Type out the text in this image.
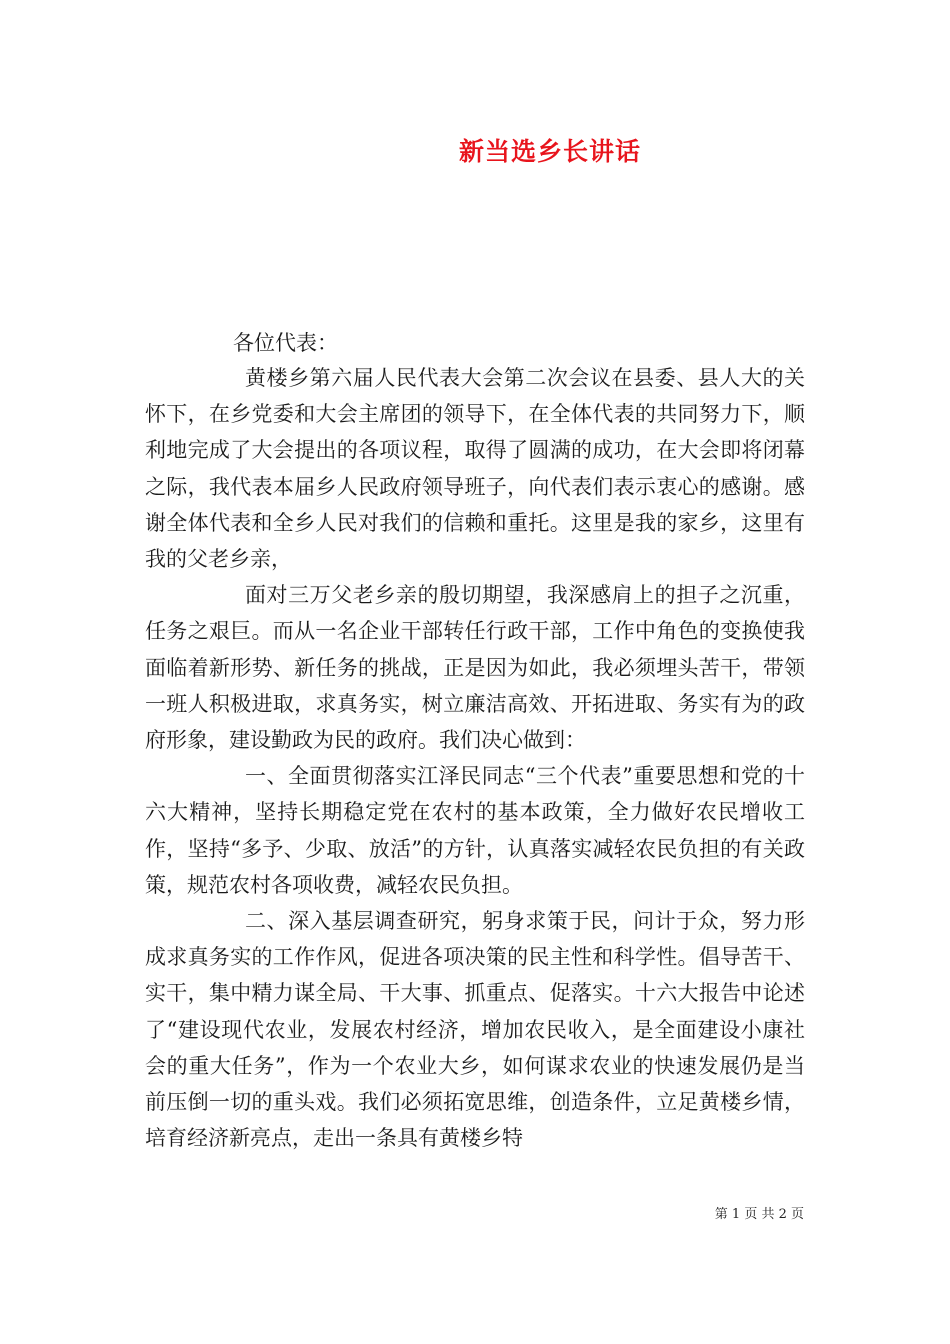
新当选乡长讲话
各位代表：

黄楼乡第六届人民代表大会第二次会议在县委、县人大的关怀下，在乡党委和大会主席团的领导下，在全体代表的共同努力下，顺利地完成了大会提出的各项议程，取得了圆满的成功，在大会即将闭幕之际，我代表本届乡人民政府领导班子，向代表们表示衷心的感谢。感谢全体代表和全乡人民对我们的信赖和重托。这里是我的家乡，这里有我的父老乡亲，

面对三万父老乡亲的殷切期望，我深感肩上的担子之沉重，任务之艰巨。而从一名企业干部转任行政干部，工作中角色的变换使我面临着新形势、新任务的挑战，正是因为如此，我必须埋头苦干，带领一班人积极进取，求真务实，树立廉洁高效、开拓进取、务实有为的政府形象，建设勤政为民的政府。我们决心做到：

一、全面贯彻落实江泽民同志“三个代表”重要思想和党的十六大精神，坚持长期稳定党在农村的基本政策，全力做好农民增收工作，坚持“多予、少取、放活”的方针，认真落实减轻农民负担的有关政策，规范农村各项收费，减轻农民负担。

二、深入基层调查研究，躬身求策于民，问计于众，努力形成求真务实的工作作风，促进各项决策的民主性和科学性。倡导苦干、实干，集中精力谋全局、干大事、抓重点、促落实。十六大报告中论述了“建设现代农业，发展农村经济，增加农民收入，是全面建设小康社会的重大任务”，作为一个农业大乡，如何谋求农业的快速发展仍是当前压倒一切的重头戏。我们必须拓宽思维，创造条件，立足黄楼乡情，培育经济新亮点，走出一条具有黄楼乡特

第 1 页 共 2 页
